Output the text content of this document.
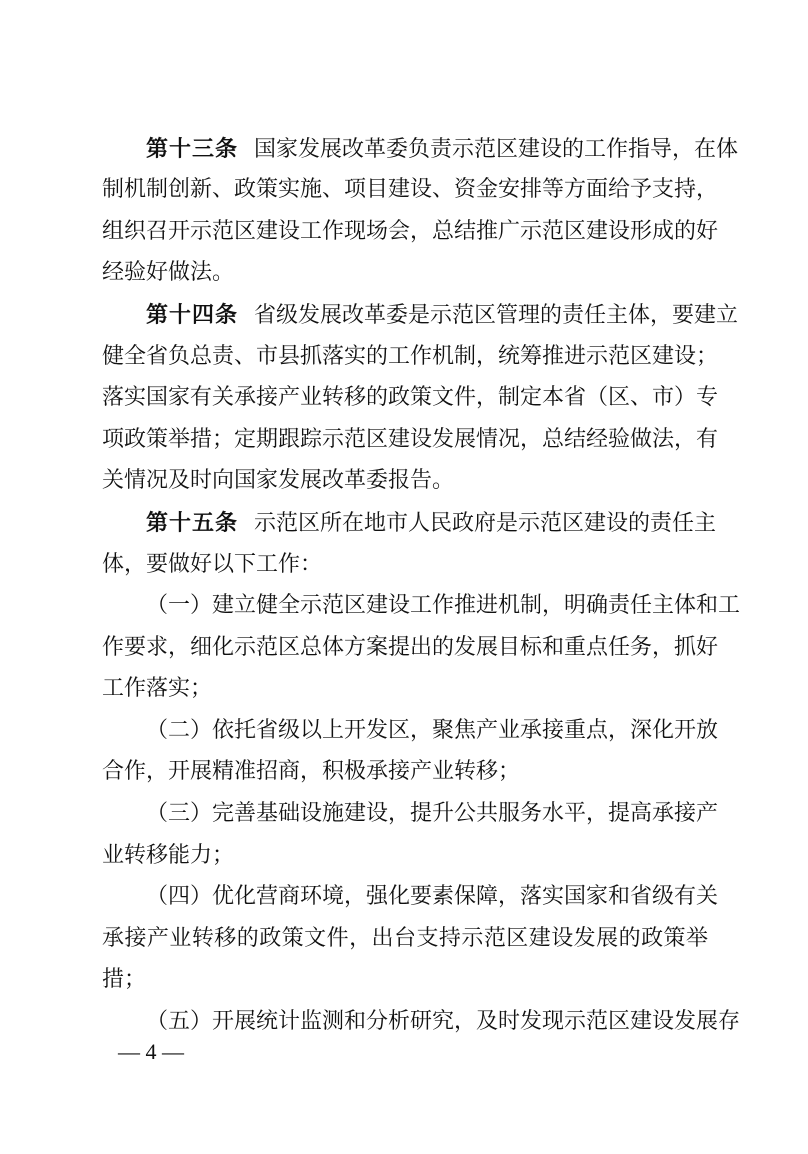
第十三条 国家发展改革委负责示范区建设的工作指导，在体
制机制创新、政策实施、项目建设、资金安排等方面给予支持，
组织召开示范区建设工作现场会，总结推广示范区建设形成的好
经验好做法。
第十四条 省级发展改革委是示范区管理的责任主体，要建立
健全省负总责、市县抓落实的工作机制，统筹推进示范区建设；
落实国家有关承接产业转移的政策文件，制定本省（区、市）专
项政策举措；定期跟踪示范区建设发展情况，总结经验做法，有
关情况及时向国家发展改革委报告。
第十五条 示范区所在地市人民政府是示范区建设的责任主
体，要做好以下工作：
（一）建立健全示范区建设工作推进机制，明确责任主体和工
作要求，细化示范区总体方案提出的发展目标和重点任务，抓好
工作落实；
（二）依托省级以上开发区，聚焦产业承接重点，深化开放
合作，开展精准招商，积极承接产业转移；
（三）完善基础设施建设，提升公共服务水平，提高承接产
业转移能力；
（四）优化营商环境，强化要素保障，落实国家和省级有关
承接产业转移的政策文件，出台支持示范区建设发展的政策举
措；
（五）开展统计监测和分析研究，及时发现示范区建设发展存
— 4 —
